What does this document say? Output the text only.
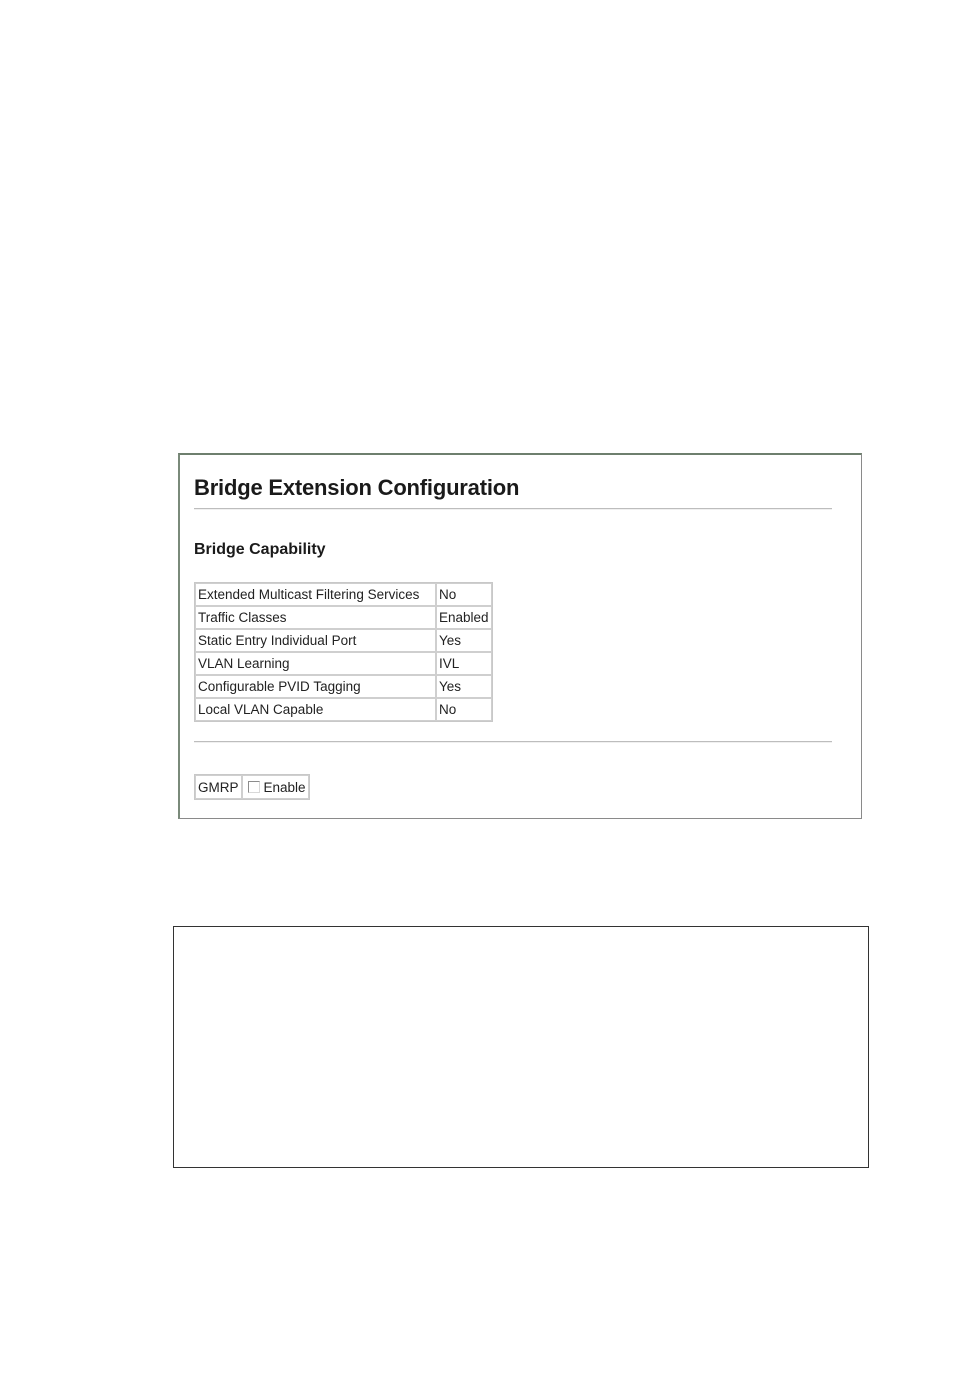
Bridge Extension Configuration
Bridge Capability
Extended Multicast Filtering Services	No
Traffic Classes	Enabled
Static Entry Individual Port	Yes
VLAN Learning	IVL
Configurable PVID Tagging	Yes
Local VLAN Capable	No
GMRP	Enable
